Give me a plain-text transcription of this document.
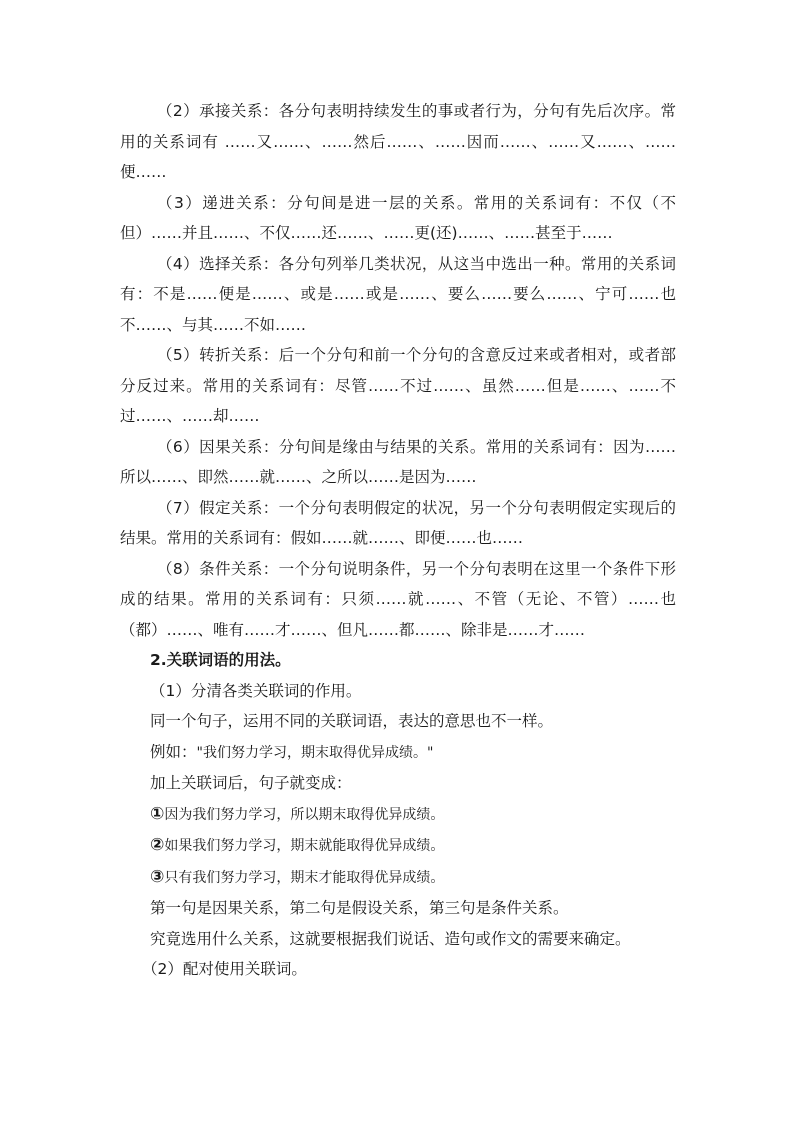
（2）承接关系：各分句表明持续发生的事或者行为，分句有先后次序。常用的关系词有 ……又……、……然后……、……因而……、……又……、……便……

（3）递进关系：分句间是进一层的关系。常用的关系词有：不仅（不但）……并且……、不仅……还……、……更(还)……、……甚至于……

（4）选择关系：各分句列举几类状况，从这当中选出一种。常用的关系词有：不是……便是……、或是……或是……、要么……要么……、宁可……也不……、与其……不如……

（5）转折关系：后一个分句和前一个分句的含意反过来或者相对，或者部分反过来。常用的关系词有：尽管……不过……、虽然……但是……、……不过……、……却……

（6）因果关系：分句间是缘由与结果的关系。常用的关系词有：因为……所以……、即然……就……、之所以……是因为……

（7）假定关系：一个分句表明假定的状况，另一个分句表明假定实现后的结果。常用的关系词有：假如……就……、即便……也……

（8）条件关系：一个分句说明条件，另一个分句表明在这里一个条件下形成的结果。常用的关系词有：只须……就……、不管（无论、不管）……也（都）……、唯有……才……、但凡……都……、除非是……才……

2.关联词语的用法。

（1）分清各类关联词的作用。

同一个句子，运用不同的关联词语，表达的意思也不一样。

例如："我们努力学习，期末取得优异成绩。"

加上关联词后，句子就变成：

①因为我们努力学习，所以期末取得优异成绩。

②如果我们努力学习，期末就能取得优异成绩。

③只有我们努力学习，期末才能取得优异成绩。

第一句是因果关系，第二句是假设关系，第三句是条件关系。

究竟选用什么关系，这就要根据我们说话、造句或作文的需要来确定。

（2）配对使用关联词。
